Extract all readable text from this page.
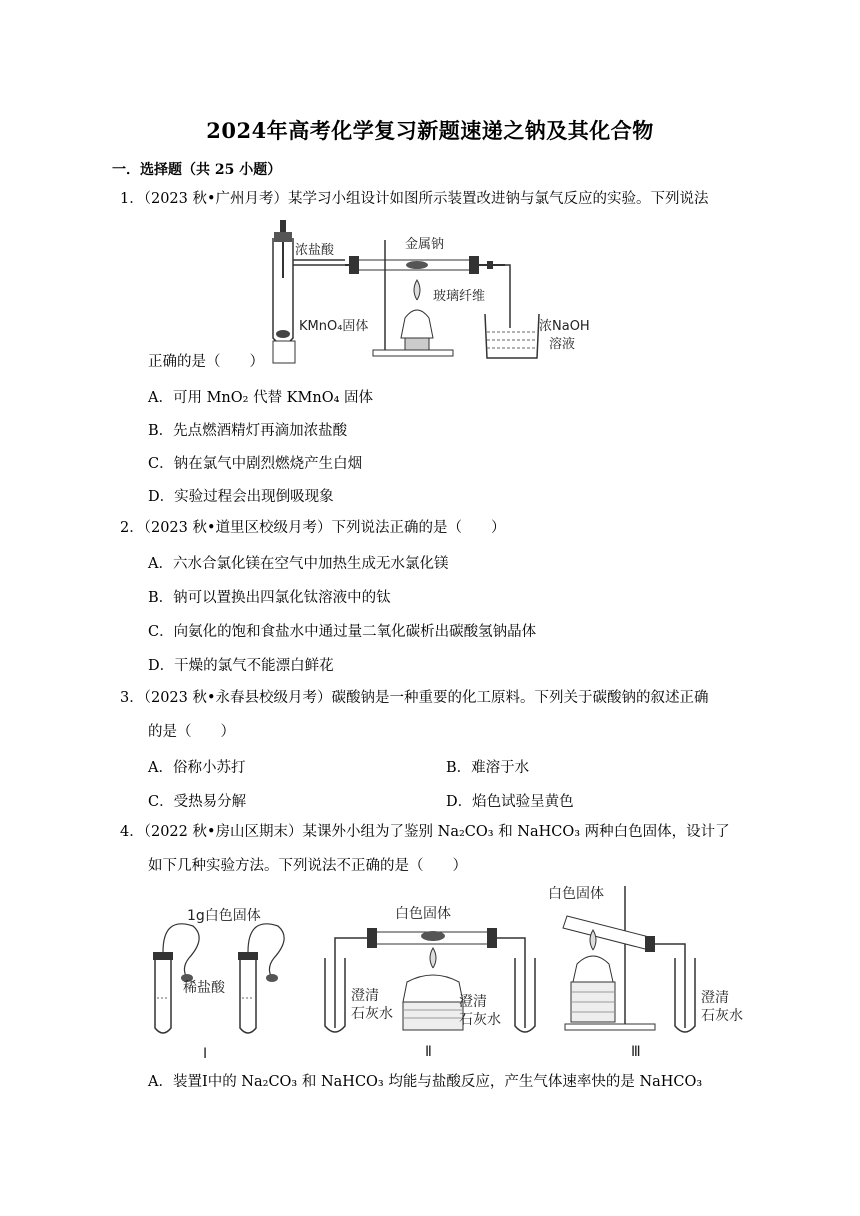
2024年高考化学复习新题速递之钠及其化合物
一．选择题（共 25 小题）
1．（2023 秋•广州月考）某学习小组设计如图所示装置改进钠与氯气反应的实验。下列说法
浓盐酸	金属钠
玻璃纤维
KMnO₄固体	浓NaOH
溶液
正确的是（　　）
A．可用 MnO₂ 代替 KMnO₄ 固体
B．先点燃酒精灯再滴加浓盐酸
C．钠在氯气中剧烈燃烧产生白烟
D．实验过程会出现倒吸现象
2．（2023 秋•道里区校级月考）下列说法正确的是（　　）
A．六水合氯化镁在空气中加热生成无水氯化镁
B．钠可以置换出四氯化钛溶液中的钛
C．向氨化的饱和食盐水中通过量二氧化碳析出碳酸氢钠晶体
D．干燥的氯气不能漂白鲜花
3．（2023 秋•永春县校级月考）碳酸钠是一种重要的化工原料。下列关于碳酸钠的叙述正确
的是（　　）
A．俗称小苏打	B．难溶于水
C．受热易分解	D．焰色试验呈黄色
4．（2022 秋•房山区期末）某课外小组为了鉴别 Na₂CO₃ 和 NaHCO₃ 两种白色固体，设计了
如下几种实验方法。下列说法不正确的是（　　）
1g白色固体
稀盐酸
白色固体
澄清
石灰水
澄清
石灰水
白色固体
澄清
石灰水
Ⅰ	Ⅱ	Ⅲ
A．装置Ⅰ中的 Na₂CO₃ 和 NaHCO₃ 均能与盐酸反应，产生气体速率快的是 NaHCO₃
